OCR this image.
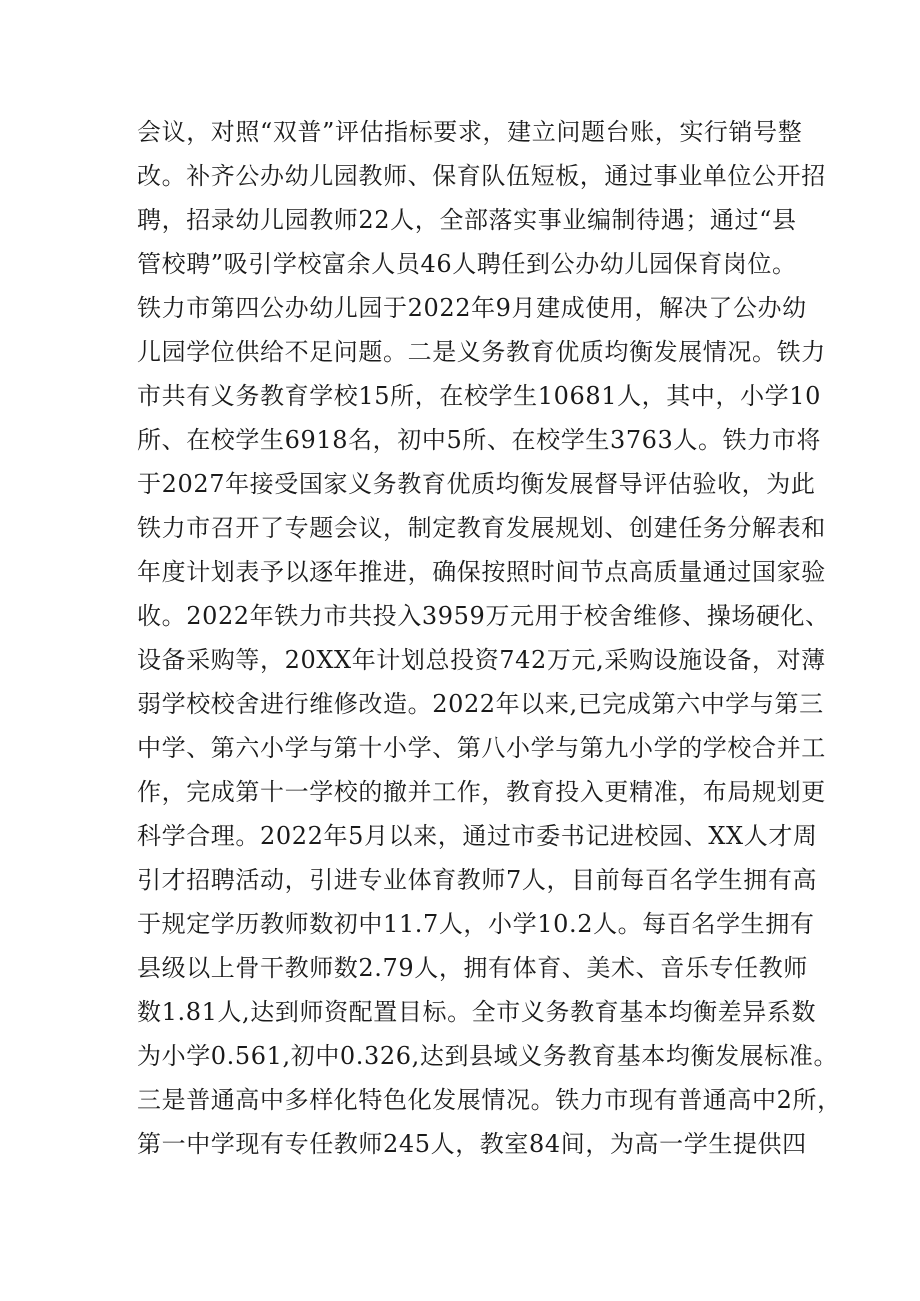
会议，对照“双普”评估指标要求，建立问题台账，实行销号整
改。补齐公办幼儿园教师、保育队伍短板，通过事业单位公开招
聘，招录幼儿园教师22人，全部落实事业编制待遇；通过“县
管校聘”吸引学校富余人员46人聘任到公办幼儿园保育岗位。
铁力市第四公办幼儿园于2022年9月建成使用，解决了公办幼
儿园学位供给不足问题。二是义务教育优质均衡发展情况。铁力
市共有义务教育学校15所，在校学生10681人，其中，小学10
所、在校学生6918名，初中5所、在校学生3763人。铁力市将
于2027年接受国家义务教育优质均衡发展督导评估验收，为此
铁力市召开了专题会议，制定教育发展规划、创建任务分解表和
年度计划表予以逐年推进，确保按照时间节点高质量通过国家验
收。2022年铁力市共投入3959万元用于校舍维修、操场硬化、
设备采购等，20XX年计划总投资742万元,采购设施设备，对薄
弱学校校舍进行维修改造。2022年以来,已完成第六中学与第三
中学、第六小学与第十小学、第八小学与第九小学的学校合并工
作，完成第十一学校的撤并工作，教育投入更精准，布局规划更
科学合理。2022年5月以来，通过市委书记进校园、XX人才周
引才招聘活动，引进专业体育教师7人，目前每百名学生拥有高
于规定学历教师数初中11.7人，小学10.2人。每百名学生拥有
县级以上骨干教师数2.79人，拥有体育、美术、音乐专任教师
数1.81人,达到师资配置目标。全市义务教育基本均衡差异系数
为小学0.561,初中0.326,达到县域义务教育基本均衡发展标准。
三是普通高中多样化特色化发展情况。铁力市现有普通高中2所，
第一中学现有专任教师245人，教室84间，为高一学生提供四
